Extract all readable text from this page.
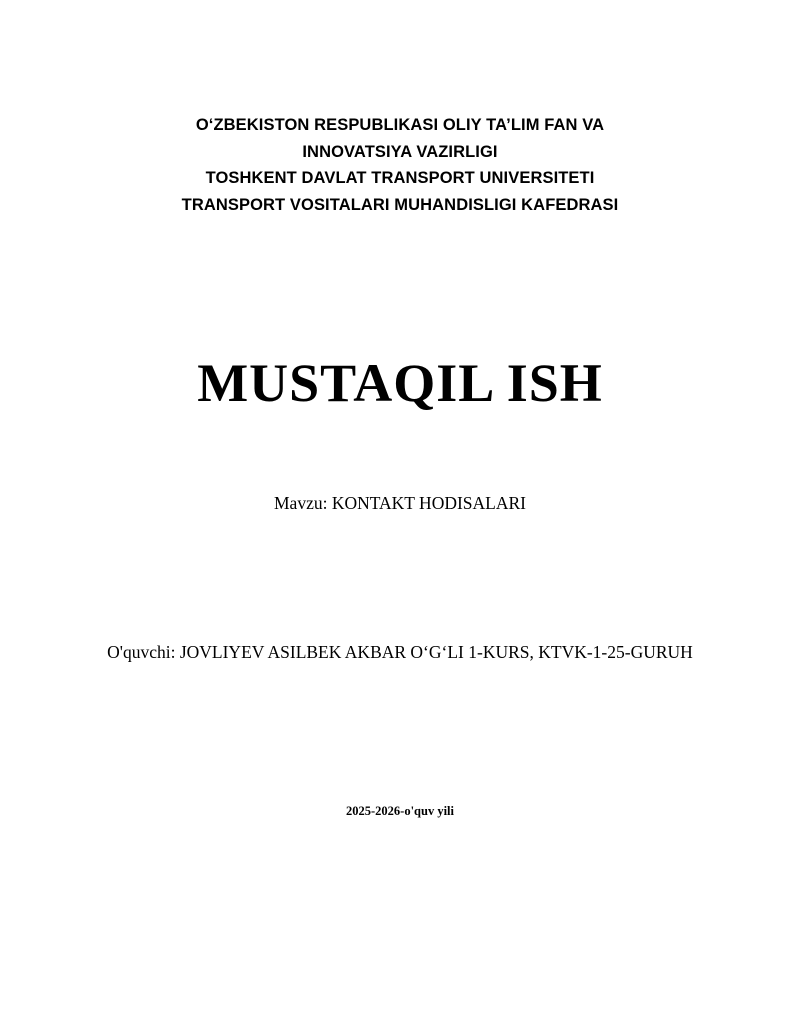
O‘ZBEKISTON RESPUBLIKASI OLIY TA’LIM FAN VA
INNOVATSIYA VAZIRLIGI
TOSHKENT DAVLAT TRANSPORT UNIVERSITETI
TRANSPORT VOSITALARI MUHANDISLIGI KAFEDRASI
MUSTAQIL ISH
Mavzu: KONTAKT HODISALARI
O'quvchi: JOVLIYEV ASILBEK AKBAR O‘G‘LI 1-KURS, KTVK-1-25-GURUH
2025-2026-o'quv yili
